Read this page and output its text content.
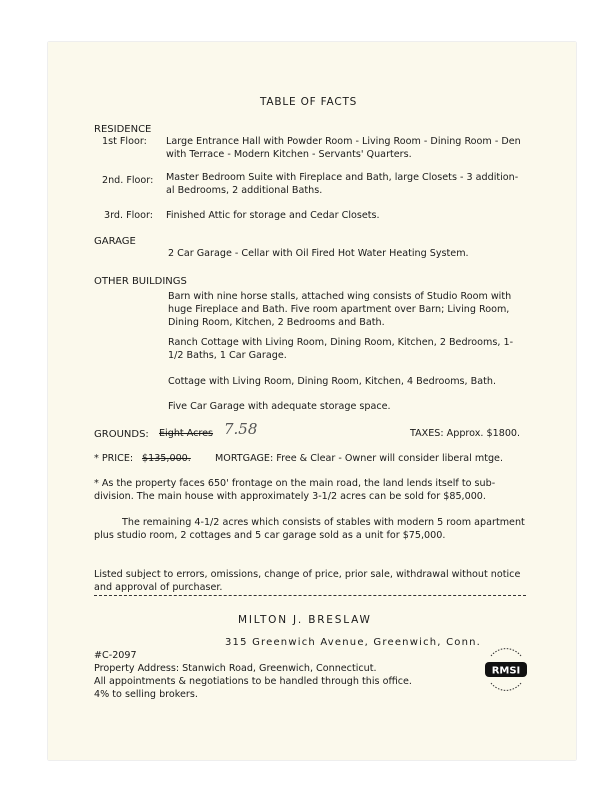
TABLE OF FACTS
RESIDENCE
1st Floor: Large Entrance Hall with Powder Room - Living Room - Dining Room - Den
with Terrace - Modern Kitchen - Servants' Quarters.
2nd. Floor: Master Bedroom Suite with Fireplace and Bath, large Closets - 3 addition-
al Bedrooms, 2 additional Baths.
3rd. Floor: Finished Attic for storage and Cedar Closets.
GARAGE
2 Car Garage - Cellar with Oil Fired Hot Water Heating System.
OTHER BUILDINGS
Barn with nine horse stalls, attached wing consists of Studio Room with
huge Fireplace and Bath. Five room apartment over Barn; Living Room,
Dining Room, Kitchen, 2 Bedrooms and Bath.
Ranch Cottage with Living Room, Dining Room, Kitchen, 2 Bedrooms, 1-
1/2 Baths, 1 Car Garage.
Cottage with Living Room, Dining Room, Kitchen, 4 Bedrooms, Bath.
Five Car Garage with adequate storage space.
GROUNDS: Eight Acres 7.58	TAXES: Approx. $1800.
* PRICE: $135,000.	MORTGAGE: Free & Clear - Owner will consider liberal mtge.
* As the property faces 650' frontage on the main road, the land lends itself to sub-
division. The main house with approximately 3-1/2 acres can be sold for $85,000.
The remaining 4-1/2 acres which consists of stables with modern 5 room apartment
plus studio room, 2 cottages and 5 car garage sold as a unit for $75,000.
Listed subject to errors, omissions, change of price, prior sale, withdrawal without notice
and approval of purchaser.
MILTON J. BRESLAW
315 Greenwich Avenue, Greenwich, Conn.
#C-2097
Property Address: Stanwich Road, Greenwich, Connecticut.
All appointments & negotiations to be handled through this office.
4% to selling brokers.
RMSI
